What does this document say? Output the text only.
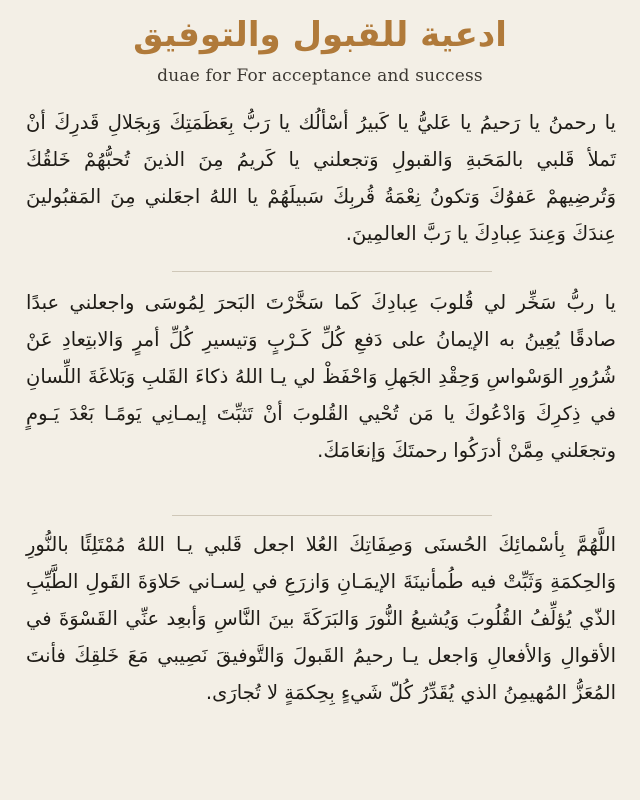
ادعية للقبول والتوفيق
duae for For acceptance and success
يا رحمنُ يا رَحيمُ يا عَليُّ يا كَبيرُ أسْألُك يا رَبُّ بِعَظَمَتِكَ وَبِجَلالِ قَدرِكَ أنْ تَملأ قَلبي بالمَحَبةِ وَالقبولِ وَتجعلني يا كَريمُ مِنَ الذينَ تُحبُّهُمْ خَلقُكَ وَتُرضِيهمْ عَفوُكَ وَتكونُ نِعْمَةُ قُربِكَ سَبيلَهُمْ يا اللهُ اجعَلني مِنَ المَقبُولينَ عِندَكَ وَعِندَ عِبادِكَ يا رَبَّ العالمِينَ.
يا ربُّ سَخِّر لي قُلوبَ عِبادِكَ كَما سَخَّرْتَ البَحرَ لِمُوسَى واجعلني عبدًا صادقًا يُعِينُ به الإيمانُ على دَفعِ كُلِّ كَـرْبٍ وَتيسيرِ كُلِّ أمرٍ وَالابتِعادِ عَنْ شُرُورِ الوَسْواسِ وَحِقْدِ الجَهلِ وَاحْفَظْ لي يـا اللهُ ذكاءَ القَلبِ وَبَلاغَةَ اللِّسانِ في ذِكرِكَ وَادْعُوكَ يا مَن تُحْيي القُلوبَ أنْ تَثبِّتَ إيمـانِي يَومًـا بَعْدَ يَـومٍ وتجعَلني مِمَّنْ أدرَكُوا رحمتَكَ وَإنعَامَكَ.
اللَّهُمَّ بِأسْمائِكَ الحُسنَى وَصِفَاتِكَ العُلا اجعل قَلبي يـا اللهُ مُمْتَلِئًا بالنُّورِ وَالحِكمَةِ وَثَبِّتْ فيه طُمأنينَةَ الإيمَـانِ وَازرَعِ في لِسـاني حَلاوَةَ القَولِ الطَّيِّبِ الذّي يُؤلِّفُ القُلُوبَ وَيُشيعُ النُّورَ وَالبَرَكَةَ بينَ النَّاسِ وَأبعِد عنِّي القَسْوَةَ في الأقوالِ وَالأفعالِ وَاجعل يـا رحيمُ القَبولَ وَالتَّوفيقَ نَصِيبي مَعَ خَلقِكَ فأنتَ المُعَزُّ المُهيمِنُ الذي يُقَدِّرُ كُلّ شَيءٍ بِحِكمَةٍ لا تُجارَى.
